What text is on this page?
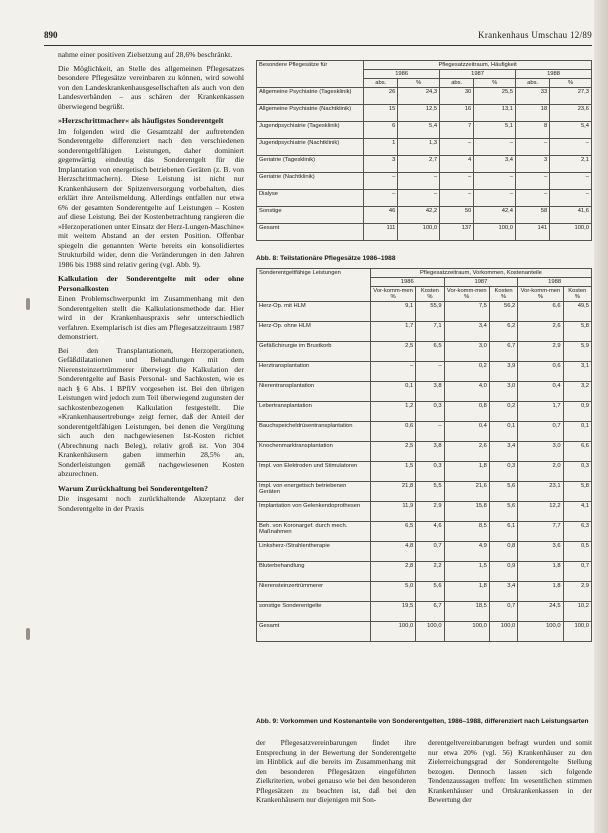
890	Krankenhaus Umschau 12/89

nahme einer positiven Zielsetzung auf 28,6% beschränkt.

Die Möglichkeit, an Stelle des allgemeinen Pflegesatzes besondere Pflegesätze vereinbaren zu können, wird sowohl von den Landeskrankenhausgesellschaften als auch von den Landesverbänden – aus schären der Krankenkassen überwiegend begrüßt.

»Herzschrittmacher« als häufigstes Sonderentgelt

Im folgenden wird die Gesamtzahl der auftretenden Sonderentgelte differenziert nach den verschiedenen sonderentgeltfähigen Leistungen, daher dominiert gegenwärtig eindeutig das Sonderentgelt für die Implantation von energetisch betriebenen Geräten (z. B. von Herzschrittmachern). Diese Leistung ist nicht nur Krankenhäusern der Spitzenversorgung vorbehalten, dies erklärt ihre Anteilsmeldung. Allerdings entfallen nur etwa 6% der gesamten Sonderentgelte auf Leistungen – Kosten auf diese Leistung. Bei der Kostenbetrachtung rangieren die »Herzoperationen unter Einsatz der Herz-Lungen-Maschine« mit weitem Abstand an der ersten Position. Offenbar spiegeln die genannten Werte bereits ein konsolidiertes Strukturbild wider, denn die Veränderungen in den Jahren 1986 bis 1988 sind relativ gering (vgl. Abb. 9).

Kalkulation der Sonderentgelte mit oder ohne Personalkosten

Einen Problemschwerpunkt im Zusammenhang mit den Sonderentgelten stellt die Kalkulationsmethode dar. Hier wird in der Krankenhauspraxis sehr unterschiedlich verfahren. Exemplarisch ist dies am Pflegesatzzeitraum 1987 demonstriert.

Bei den Transplantationen, Herzoperationen, Gefäßdilatationen und Behandlungen mit dem Nierensteinzertrümmerer überwiegt die Kalkulation der Sonderentgelte auf Basis Personal- und Sachkosten, wie es nach § 6 Abs. 1 BPflV vorgesehen ist. Bei den übrigen Leistungen wird jedoch zum Teil überwiegend zugunsten der sachkostenbezogenen Kalkulation festgestellt. Die »Krankenhausertrebung« zeigt ferner, daß der Anteil der sonderentgeltfähigen Leistungen, bei denen die Vergütung sich auch den nachgewiesenen Ist-Kosten richtet (Abrechnung nach Beleg), relativ groß ist. Von 304 Krankenhäusern gaben immerhin 28,5% an, Sonderleistungen gemäß nachgewiesenen Kosten abzurechnen.

Warum Zurückhaltung bei Sonderentgelten?

Die insgesamt noch zurückhaltende Akzeptanz der Sonderentgelte in der Praxis

Besondere Pflegesätze für	Pflegesatzzeitraum, Häufigkeit					
	1986		1987		1988	
	abs.	%	abs.	%	abs.	%
Allgemeine Psychiatrie (Tagesklinik)	26	24,3	30	25,5	33	27,3
Allgemeine Psychiatrie (Nachtklinik)	15	12,5	16	13,1	18	23,6
Jugendpsychiatrie (Tagesklinik)	6	5,4	7	5,1	8	5,4
Jugendpsychiatrie (Nachtklinik)	1	1,3	–	–	–	–
Geriatrie (Tagesklinik)	3	2,7	4	3,4	3	2,1
Geriatrie (Nachtklinik)	–	–	–	–	–	–
Dialyse	–	–	–	–	–	–
Sonstige	46	42,2	50	42,4	58	41,6
Gesamt	111	100,0	137	100,0	141	100,0
Abb. 8: Teilstationäre Pflegesätze 1986–1988
Sonderentgeltfähige Leistungen	Pflegesatzzeitraum, Vorkommen, Kostenanteile					
	1986		1987		1988	
	Vor-komm-men %	Kosten %	Vor-komm-men %	Kosten %	Vor-komm-men %	Kosten %
Herz-Op. mit HLM	9,1	55,9	7,5	56,2	6,6	49,5
Herz-Op. ohne HLM	1,7	7,1	3,4	6,2	2,6	5,8
Gefäßchirurgie im Brustkorb	2,5	6,5	3,0	6,7	2,9	5,9
Herztransplantation	–	–	0,2	3,9	0,6	3,1
Nierentransplantation	0,1	3,8	4,0	3,0	0,4	3,2
Lebertransplantation	1,2	0,3	0,8	0,2	1,7	0,9
Bauchspeicheldrüsentransplantation	0,6	–	0,4	0,1	0,7	0,1
Knochenmarktransplantation	2,5	3,8	2,6	3,4	3,0	6,6
Impl. von Elektroden und Stimulatoren	1,5	0,3	1,8	0,3	2,0	0,3
Impl. von energetisch betriebenen Geräten	21,8	5,5	21,6	5,6	23,1	5,8
Implantation von Gelenkendoprothesen	11,9	2,9	15,8	5,6	12,2	4,1
Beh. von Koronargef. durch mech. Maßnahmen	6,5	4,6	8,5	6,1	7,7	6,3
Linksherz-/Strahlentherapie	4,8	0,7	4,9	0,8	3,6	0,5
Bluterbehandlung	2,8	2,2	1,5	0,9	1,8	0,7
Nierensteinzertrümmerer	5,0	5,6	1,8	3,4	1,8	2,9
sonstige Sonderentgelte	19,5	6,7	18,5	0,7	24,5	10,2
Gesamt	100,0	100,0	100,0	100,0	100,0	100,0
Abb. 9: Vorkommen und Kostenanteile von Sonderentgelten, 1986–1988, differenziert nach Leistungsarten

der Pflegesatzvereinbarungen findet ihre Entsprechung in der Bewertung der Sonderentgelte im Hinblick auf die bereits im Zusammenhang mit den besonderen Pflegesätzen eingeführten Zielkriterien, wobei genauso wie bei den besonderen Pflegesätzen zu beachten ist, daß bei den Krankenhäusern nur diejenigen mit Son-

derentgeltvereinbarungen befragt wurden und somit nur etwa 20% (vgl. 56) Krankenhäuser zu den Zielerreichungsgrad der Sonderentgelte Stellung bezogen. Dennoch lassen sich folgende Tendenzaussagen treffen: Im wesentlichen stimmen Krankenhäuser und Ortskrankenkassen in der Bewertung der
